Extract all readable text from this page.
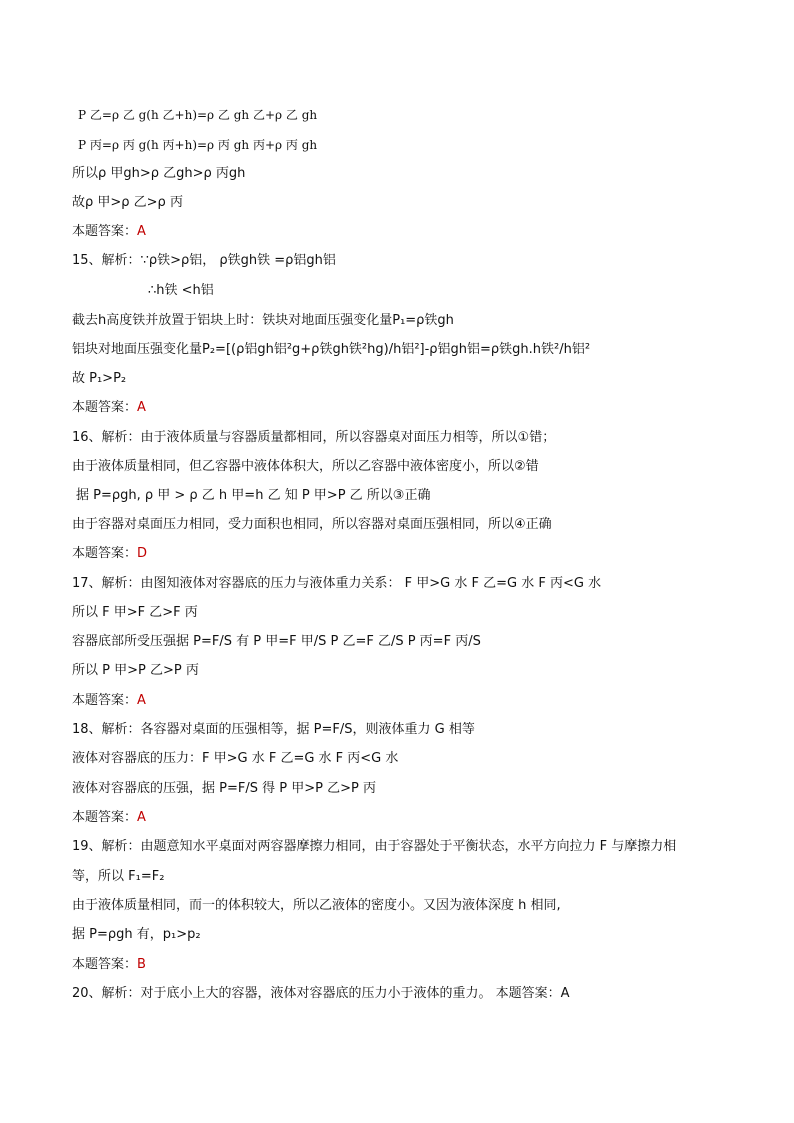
P 乙=ρ 乙 g(h 乙+h)=ρ 乙 gh 乙+ρ 乙 gh
P 丙=ρ 丙 g(h 丙+h)=ρ 丙 gh 丙+ρ 丙 gh
所以ρ 甲gh>ρ 乙gh>ρ 丙gh
故ρ 甲>ρ 乙>ρ 丙
本题答案：A
15、解析：∵ρ铁>ρ铝， ρ铁gh铁 =ρ铝gh铝
∴h铁 <h铝
截去h高度铁并放置于铝块上时：铁块对地面压强变化量P₁=ρ铁gh
铝块对地面压强变化量P₂=[(ρ铝gh铝²g+ρ铁gh铁²hg)/h铝²]-ρ铝gh铝=ρ铁gh.h铁²/h铝²
故 P₁>P₂
本题答案：A
16、解析：由于液体质量与容器质量都相同，所以容器桌对面压力相等，所以①错；
由于液体质量相同，但乙容器中液体体积大，所以乙容器中液体密度小，所以②错
据 P=ρgh, ρ 甲 > ρ 乙 h 甲=h 乙 知 P 甲>P 乙 所以③正确
由于容器对桌面压力相同，受力面积也相同，所以容器对桌面压强相同，所以④正确
本题答案：D
17、解析：由图知液体对容器底的压力与液体重力关系： F 甲>G 水 F 乙=G 水 F 丙<G 水
所以 F 甲>F 乙>F 丙
容器底部所受压强据 P=F/S 有 P 甲=F 甲/S P 乙=F 乙/S P 丙=F 丙/S
所以 P 甲>P 乙>P 丙
本题答案：A
18、解析：各容器对桌面的压强相等，据 P=F/S，则液体重力 G 相等
液体对容器底的压力：F 甲>G 水 F 乙=G 水 F 丙<G 水
液体对容器底的压强，据 P=F/S 得 P 甲>P 乙>P 丙
本题答案：A
19、解析：由题意知水平桌面对两容器摩擦力相同，由于容器处于平衡状态，水平方向拉力 F 与摩擦力相
等，所以 F₁=F₂
由于液体质量相同，而一的体积较大，所以乙液体的密度小。又因为液体深度 h 相同,
据 P=ρgh 有，p₁>p₂
本题答案：B
20、解析：对于底小上大的容器，液体对容器底的压力小于液体的重力。 本题答案：A
